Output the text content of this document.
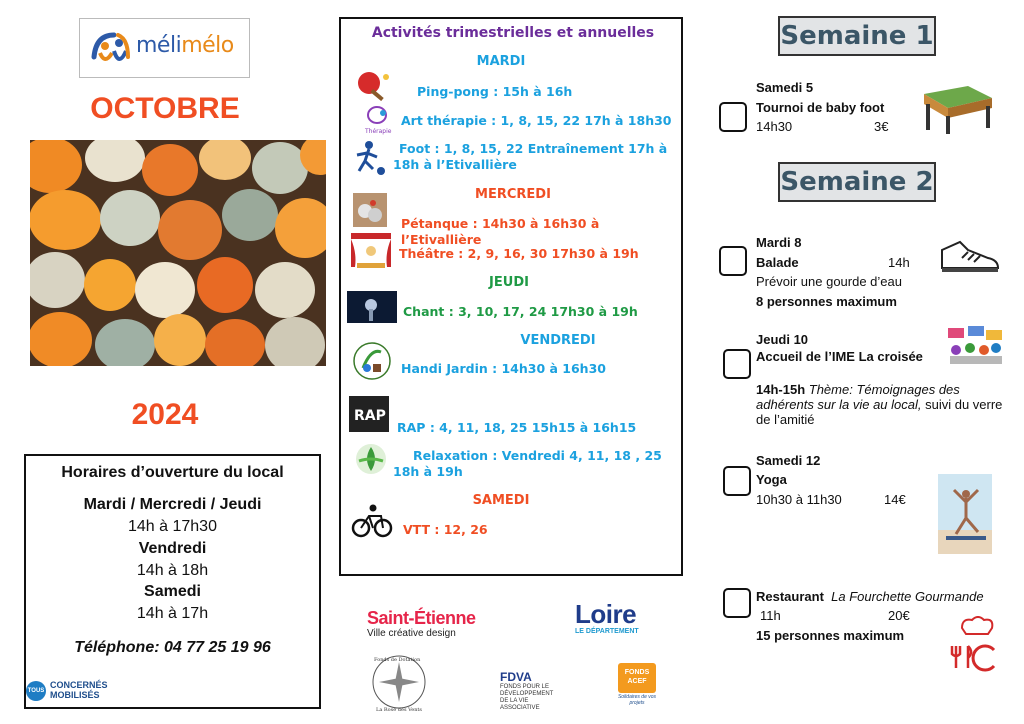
mélimélo
OCTOBRE
2024
Horaires d’ouverture du local
Mardi / Mercredi / Jeudi
14h à 17h30
Vendredi
14h à 18h
Samedi
14h à 17h
Téléphone: 04 77 25 19 96
TOUS
CONCERNÉS
MOBILISÉS
Activités trimestrielles et annuelles
MARDI
Ping-pong : 15h à 16h
Thérapie
Art thérapie : 1, 8, 15, 22 17h à 18h30
Foot : 1, 8, 15, 22 Entraînement 17h à
18h à l’Etivallière
MERCREDI
Pétanque : 14h30 à 16h30 à l’Etivallière
Théâtre : 2, 9, 16, 30 17h30 à 19h
JEUDI
Chant : 3, 10, 17, 24 17h30 à 19h
VENDREDI
Handi Jardin : 14h30 à 16h30
RAP
RAP : 4, 11, 18, 25 15h15 à 16h15
Relaxation : Vendredi 4, 11, 18 , 25
18h à 19h
SAMEDI
VTT : 12, 26
Saint-Étienne
Ville créative design
Loire
LE DÉPARTEMENT
Fonds de Dotation
La Rose des Vents
FDVA
FONDS POUR LE
DÉVELOPPEMENT
DE LA VIE
ASSOCIATIVE
FONDS
ACEF
Solidaires de vos projets
Semaine 1
Samedi 5
Tournoi de baby foot
14h30	3€
Semaine 2
Mardi 8
Balade	14h
Prévoir une gourde d’eau
8 personnes maximum
Jeudi 10
Accueil de l’IME La croisée
14h-15h Thème: Témoignages des adhérents sur la vie au local, suivi du verre de l’amitié
Samedi 12
Yoga
10h30 à 11h30	14€
Restaurant La Fourchette Gourmande
11h	20€
15 personnes maximum
